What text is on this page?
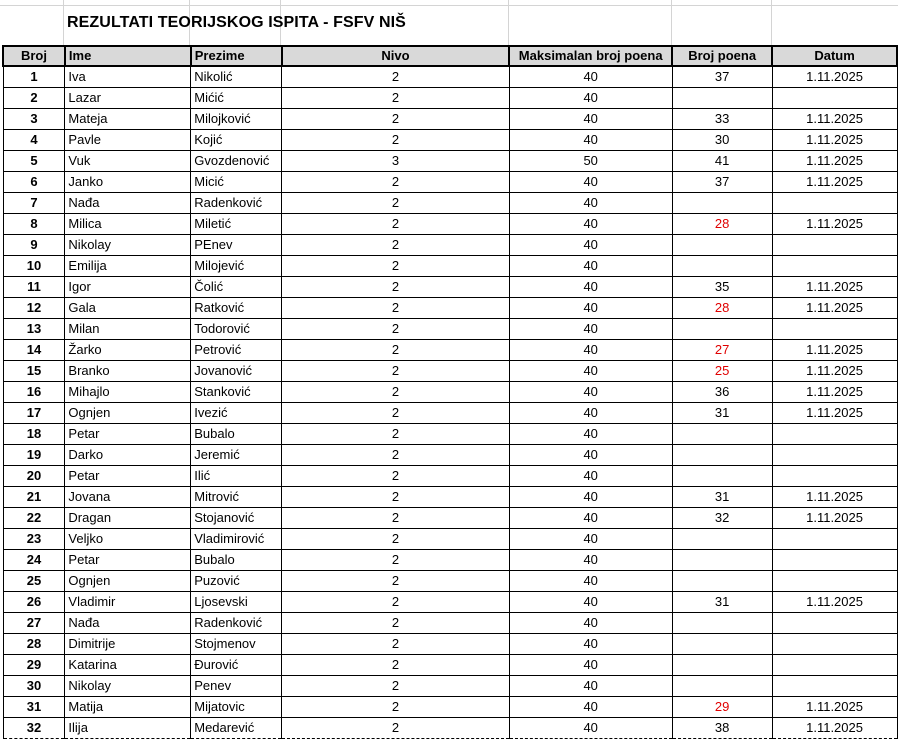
REZULTATI TEORIJSKOG ISPITA - FSFV NIŠ
Broj	Ime	Prezime	Nivo	Maksimalan broj poena	Broj poena	Datum
1	Iva	Nikolić	2	40	37	1.11.2025
2	Lazar	Mićić	2	40		
3	Mateja	Milojković	2	40	33	1.11.2025
4	Pavle	Kojić	2	40	30	1.11.2025
5	Vuk	Gvozdenović	3	50	41	1.11.2025
6	Janko	Micić	2	40	37	1.11.2025
7	Nađa	Radenković	2	40		
8	Milica	Miletić	2	40	28	1.11.2025
9	Nikolay	PEnev	2	40		
10	Emilija	Milojević	2	40		
11	Igor	Čolić	2	40	35	1.11.2025
12	Gala	Ratković	2	40	28	1.11.2025
13	Milan	Todorović	2	40		
14	Žarko	Petrović	2	40	27	1.11.2025
15	Branko	Jovanović	2	40	25	1.11.2025
16	Mihajlo	Stanković	2	40	36	1.11.2025
17	Ognjen	Ivezić	2	40	31	1.11.2025
18	Petar	Bubalo	2	40		
19	Darko	Jeremić	2	40		
20	Petar	Ilić	2	40		
21	Jovana	Mitrović	2	40	31	1.11.2025
22	Dragan	Stojanović	2	40	32	1.11.2025
23	Veljko	Vladimirović	2	40		
24	Petar	Bubalo	2	40		
25	Ognjen	Puzović	2	40		
26	Vladimir	Ljosevski	2	40	31	1.11.2025
27	Nađa	Radenković	2	40		
28	Dimitrije	Stojmenov	2	40		
29	Katarina	Đurović	2	40		
30	Nikolay	Penev	2	40		
31	Matija	Mijatovic	2	40	29	1.11.2025
32	Ilija	Medarević	2	40	38	1.11.2025
